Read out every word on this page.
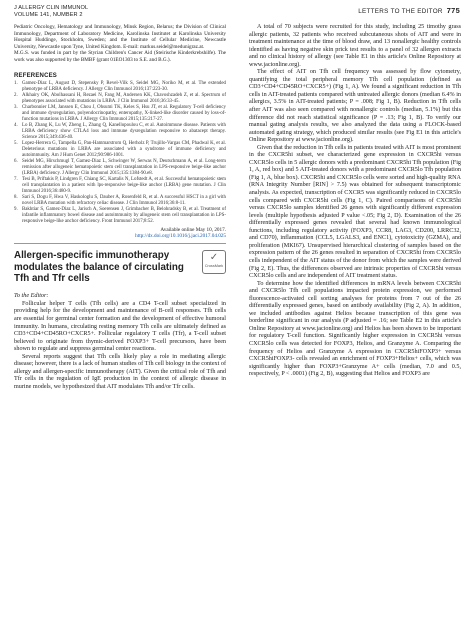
J ALLERGY CLIN IMMUNOL
VOLUME 141, NUMBER 2	LETTERS TO THE EDITOR 775

Pediatric Oncology, Hematology and Immunology, Minsk Region, Belarus; the Division of Clinical Immunology, Department of Laboratory Medicine, Karolinska Institutet at Karolinska University Hospital Huddinge, Stockholm, Sweden; and the Institute of Cellular Medicine, Newcastle University, Newcastle upon Tyne, United Kingdom. E-mail: markus.seidel@medunigraz.at.

M.G.S. was funded in part by the Styrian Children's Cancer Aid (Steirische Kinderkrebshilfe). The work was also supported by the BMBF (grant 01EO1303 to S.E. and B.G.).

REFERENCES

1. Gamez-Diaz L, August D, Stepensky P, Revel-Vilk S, Seidel MG, Noriko M, et al. The extended phenotype of LRBA deficiency. J Allergy Clin Immunol 2016;137:223-30.

2. Alkhairy OK, Abolhassani H, Rezaei N, Fang M, Andersen KK, Chavoshzadeh Z, et al. Spectrum of phenotypes associated with mutations in LRBA. J Clin Immunol 2016;36:33-45.

3. Charbonnier LM, Janssen E, Chou J, Ohsumi TK, Keles S, Hsu JT, et al. Regulatory T-cell deficiency and immune dysregulation, polyendocrinopathy, enteropathy, X-linked-like disorder caused by loss-of-function mutations in LRBA. J Allergy Clin Immunol 2015;135:217-27.

4. Lo B, Zhang K, Lu W, Zheng L, Zhang Q, Kanellopoulou C, et al. Autoimmune disease. Patients with LRBA deficiency show CTLA4 loss and immune dysregulation responsive to abatacept therapy. Science 2015;349:436-40.

5. Lopez-Herrera G, Tampella G, Pan-Hammarstrom Q, Herholz P, Trujillo-Vargas CM, Phadwal K, et al. Deleterious mutations in LRBA are associated with a syndrome of immune deficiency and autoimmunity. Am J Hum Genet 2012;90:986-1001.

6. Seidel MG, Hirschmugl T, Gamez-Diaz L, Schwinger W, Serwas N, Deutschmann A, et al. Long-term remission after allogeneic hematopoietic stem cell transplantation in LPS-responsive beige-like anchor (LRBA) deficiency. J Allergy Clin Immunol 2015;135:1384-90.e8.

7. Tesi B, Priftakis P, Lindgren F, Chiang SC, Kartalis N, Lofstedt A, et al. Successful hematopoietic stem cell transplantation in a patient with lps-responsive beige-like anchor (LRBA) gene mutation. J Clin Immunol 2016;36:480-9.

8. Sari S, Dogu F, Hwa V, Haskologlu S, Dauber A, Rosenfeld R, et al. A successful HSCT in a girl with novel LRBA mutation with refractory celiac disease. J Clin Immunol 2016;36:8-11.

9. Bakhtiar S, Gamez-Diaz L, Jarisch A, Soerensen J, Grimbacher B, Belohradsky B, et al. Treatment of infantile inflammatory bowel disease and autoimmunity by allogeneic stem cell transplantation in LPS-responsive beige-like anchor deficiency. Front Immunol 2017;8:52.

Available online May 10, 2017.
http://dx.doi.org/10.1016/j.jaci.2017.04.025
Allergen-specific immunotherapy modulates the balance of circulating Tfh and Tfr cells
✓
CrossMark
To the Editor:

Follicular helper T cells (Tfh cells) are a CD4 T-cell subset specialized in providing help for the development and maintenance of B-cell responses. Tfh cells are essential for germinal center formation and the development of effective humoral immunity. In humans, circulating resting memory Tfh cells are ultimately defined as CD3+CD4+CD45RO+CXCR5+. Follicular regulatory T cells (Tfr), a T-cell subset believed to originate from thymic-derived FOXP3+ T-cell precursors, have been shown to regulate and suppress germinal center reactions.

Several reports suggest that Tfh cells likely play a role in mediating allergic disease; however, there is a lack of human studies of Tfh cell biology in the context of allergy and allergen-specific immunotherapy (AIT). Given the critical role of Tfh and Tfr cells in the regulation of IgE production in the context of allergic disease in murine models, we hypothesized that AIT modulates Tfh and/or Tfr cells.

A total of 70 subjects were recruited for this study, including 25 timothy grass allergic patients, 32 patients who received subcutaneous shots of AIT and were in treatment maintenance at the time of blood draw, and 13 nonallergic healthy controls identified as having negative skin prick test results to a panel of 32 allergen extracts and no clinical history of allergy (see Table E1 in this article's Online Repository at www.jacionline.org).

The effect of AIT on Tfh cell frequency was assessed by flow cytometry, quantifying the total peripheral memory Tfh cell population (defined as CD3+CD4+CD45RO+CXCR5+) (Fig 1, A). We found a significant reduction in Tfh cells in AIT-treated patients compared with untreated allergic donors (median 6.4% in allergics, 3.5% in AIT-treated patients; P = .008; Fig 1, B). Reduction in Tfh cells after AIT was also seen compared with nonallergic controls (median, 5.1%) but this difference did not reach statistical significance (P = .13; Fig 1, B). To verify our manual gating analysis results, we also analyzed the data using a FLOCK-based automated gating strategy, which produced similar results (see Fig E1 in this article's Online Repository at www.jacionline.org).

Given that the reduction in Tfh cells in patients treated with AIT is most prominent in the CXCR5hi subset, we characterized gene expression in CXCR5hi versus CXCR5lo cells in 5 allergic donors with a predominant CXCR5hi Tfh population (Fig 1, A, red box) and 5 AIT-treated donors with a predominant CXCR5lo Tfh population (Fig 1, A, blue box). CXCR5hi and CXCR5lo cells were sorted and high-quality RNA (RNA Integrity Number [RIN] > 7.5) was obtained for subsequent transcriptomic analysis. As expected, transcription of CXCR5 was significantly reduced in CXCR5lo cells compared with CXCR5hi cells (Fig 1, C). Paired comparisons of CXCR5hi versus CXCR5lo samples identified 26 genes with significantly different expression levels (multiple hypothesis adjusted P value <.05; Fig 2, D). Examination of the 26 differentially expressed genes revealed that several had known immunological functions, including regulatory activity (FOXP3, CCR8, LAG3, CD200, LRRC32, and CD70), inflammation (CCL5, LGALS3, and ENC1), cytotoxicity (GZMA), and proliferation (MKI67). Unsupervised hierarchical clustering of samples based on the expression pattern of the 26 genes resulted in separation of CXCR5hi from CXCR5lo cells independent of the AIT status of the donor from which the samples were derived (Fig 2, E). Thus, the differences observed are intrinsic properties of CXCR5hi versus CXCR5lo cells and are independent of AIT treatment status.

To determine how the identified differences in mRNA levels between CXCR5hi and CXCR5lo Tfh cell populations impacted protein expression, we performed fluorescence-activated cell sorting analyses for proteins from 7 out of the 26 differentially expressed genes, based on antibody availability (Fig 2, A). In addition, we included antibodies against Helios because transcription of this gene was borderline significant in our analysis (P adjusted = .16; see Table E2 in this article's Online Repository at www.jacionline.org) and Helios has been shown to be important for regulatory T-cell function. Significantly higher expression in CXCR5hi versus CXCR5lo cells was detected for FOXP3, Helios, and Granzyme A. Comparing the frequency of Helios and Granzyme A expression in CXCR5hiFOXP3+ versus CXCR5hiFOXP3- cells revealed an enrichment of FOXP3+Helios+ cells, which was significantly higher than FOXP3+Granzyme A+ cells (median, 7.0 and 0.5, respectively, P < .0001) (Fig 2, B), suggesting that Helios and FOXP3 are
